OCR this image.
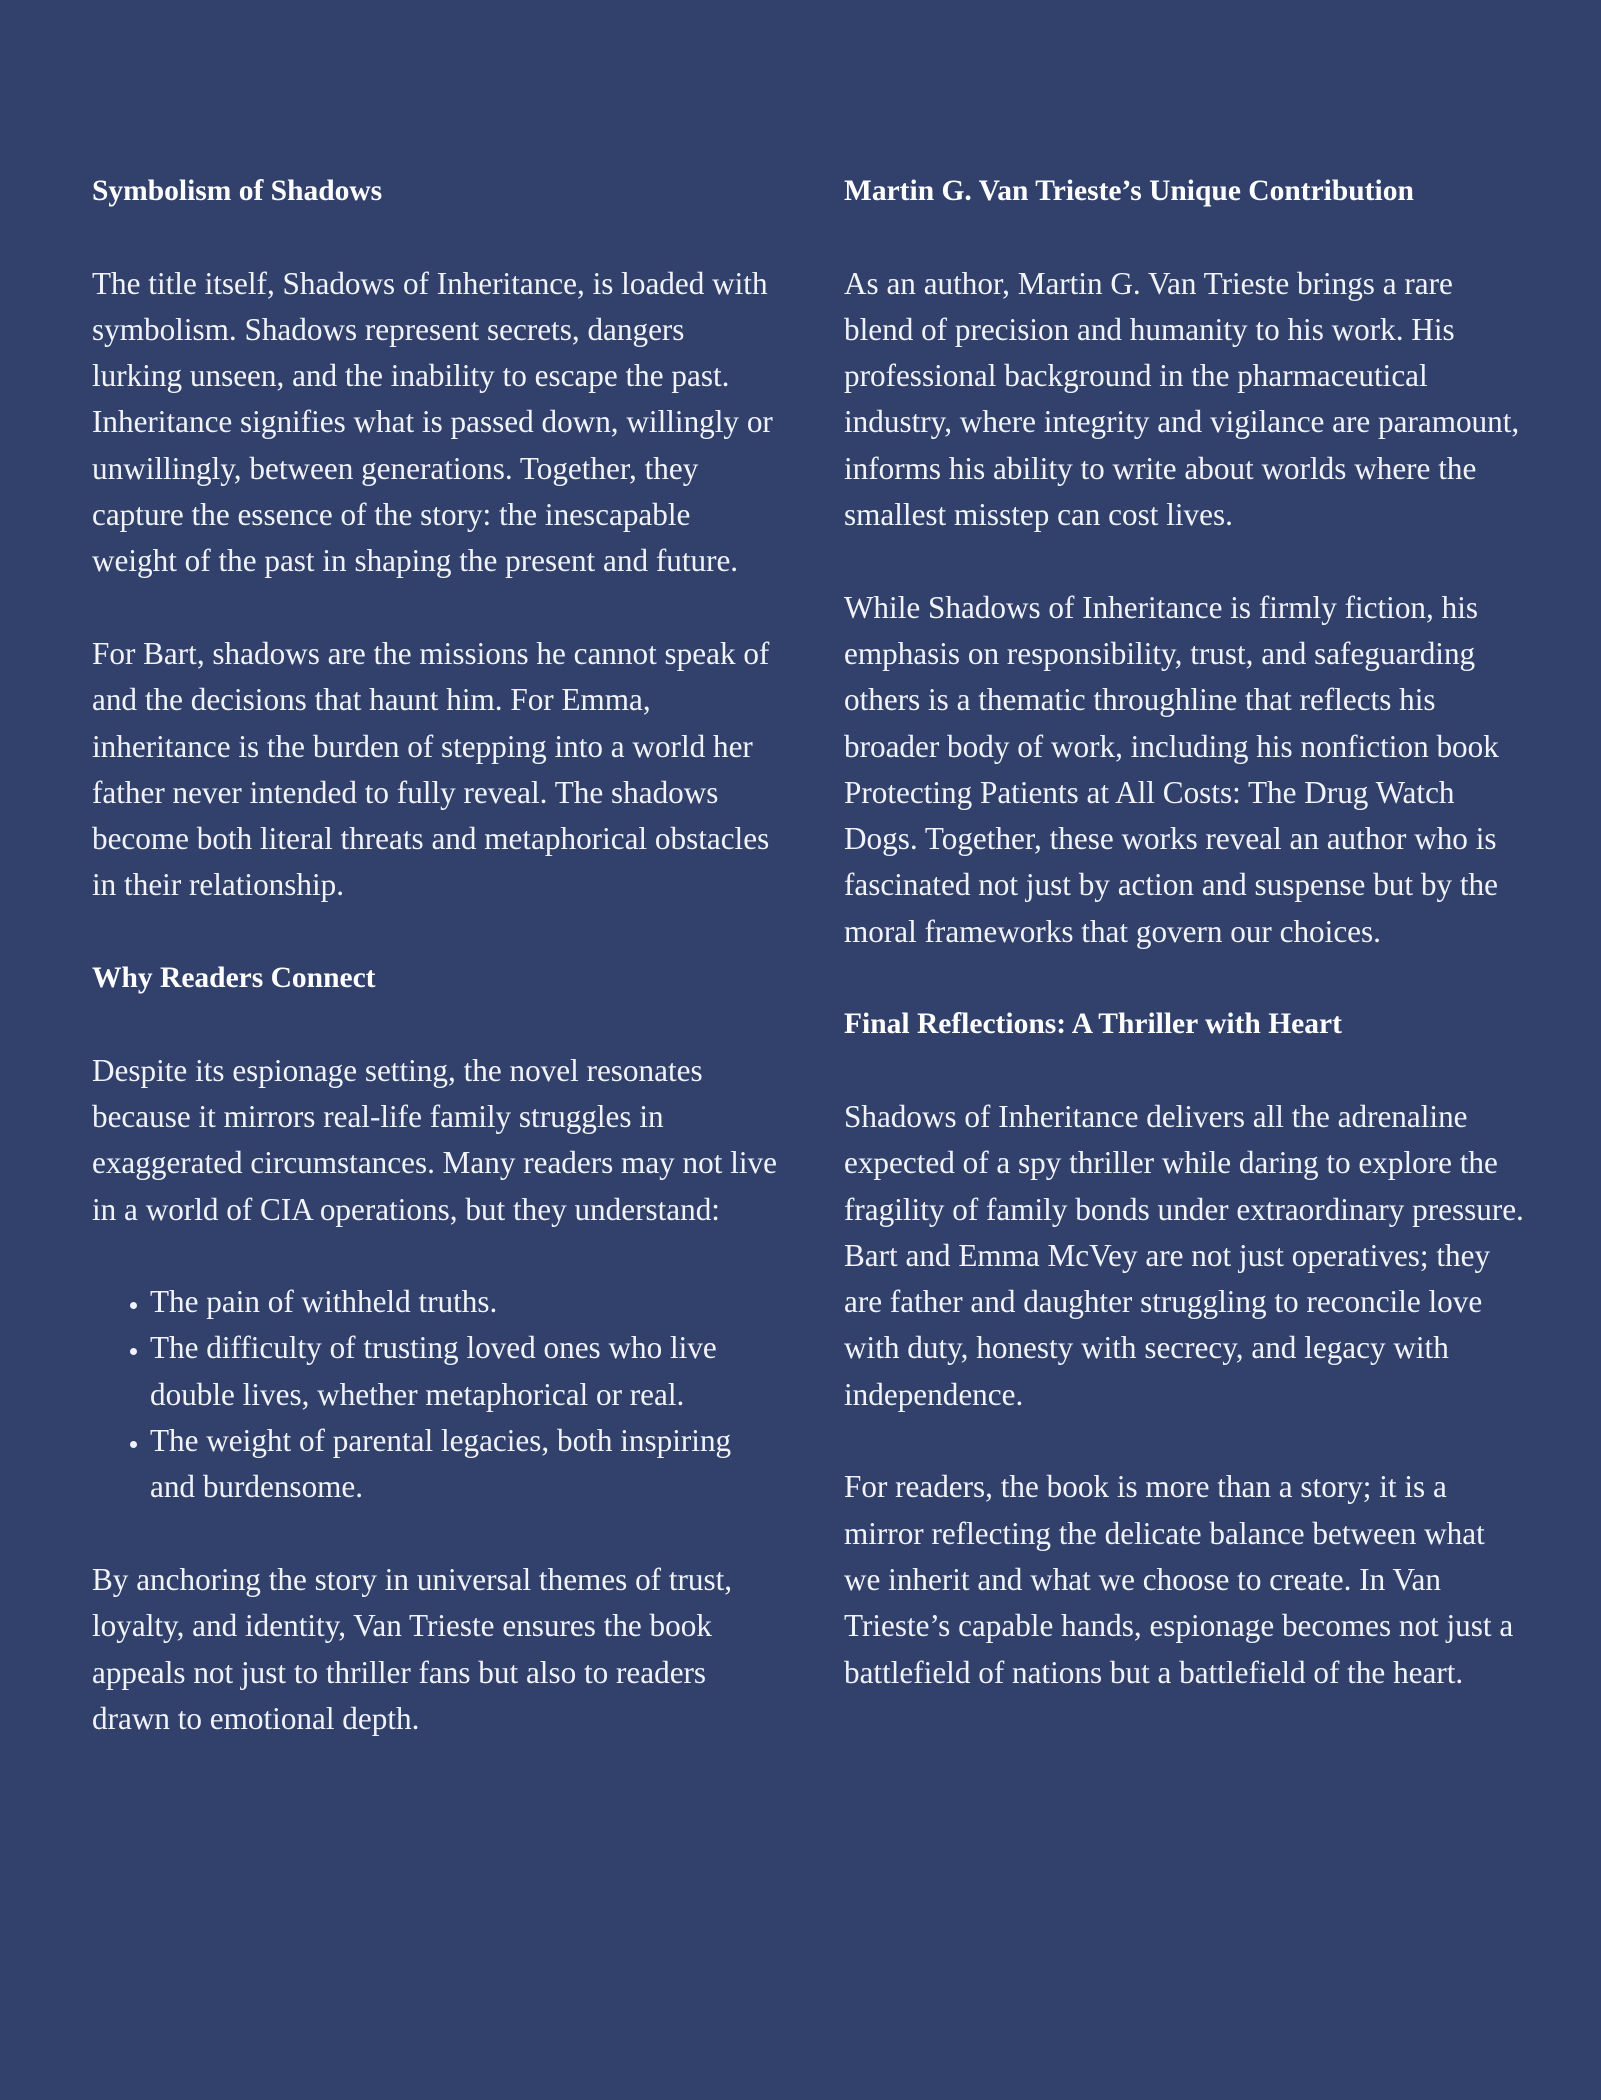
Symbolism of Shadows

The title itself, Shadows of Inheritance, is loaded with symbolism. Shadows represent secrets, dangers lurking unseen, and the inability to escape the past. Inheritance signifies what is passed down, willingly or unwillingly, between generations. Together, they capture the essence of the story: the inescapable weight of the past in shaping the present and future.

For Bart, shadows are the missions he cannot speak of and the decisions that haunt him. For Emma, inheritance is the burden of stepping into a world her father never intended to fully reveal. The shadows become both literal threats and metaphorical obstacles in their relationship.

Why Readers Connect

Despite its espionage setting, the novel resonates because it mirrors real-life family struggles in exaggerated circumstances. Many readers may not live in a world of CIA operations, but they understand:

• The pain of withheld truths.
• The difficulty of trusting loved ones who live double lives, whether metaphorical or real.
• The weight of parental legacies, both inspiring and burdensome.

By anchoring the story in universal themes of trust, loyalty, and identity, Van Trieste ensures the book appeals not just to thriller fans but also to readers drawn to emotional depth.

Martin G. Van Trieste’s Unique Contribution

As an author, Martin G. Van Trieste brings a rare blend of precision and humanity to his work. His professional background in the pharmaceutical industry, where integrity and vigilance are paramount, informs his ability to write about worlds where the smallest misstep can cost lives.

While Shadows of Inheritance is firmly fiction, his emphasis on responsibility, trust, and safeguarding others is a thematic throughline that reflects his broader body of work, including his nonfiction book Protecting Patients at All Costs: The Drug Watch Dogs. Together, these works reveal an author who is fascinated not just by action and suspense but by the moral frameworks that govern our choices.

Final Reflections: A Thriller with Heart

Shadows of Inheritance delivers all the adrenaline expected of a spy thriller while daring to explore the fragility of family bonds under extraordinary pressure. Bart and Emma McVey are not just operatives; they are father and daughter struggling to reconcile love with duty, honesty with secrecy, and legacy with independence.

For readers, the book is more than a story; it is a mirror reflecting the delicate balance between what we inherit and what we choose to create. In Van Trieste’s capable hands, espionage becomes not just a battlefield of nations but a battlefield of the heart.
